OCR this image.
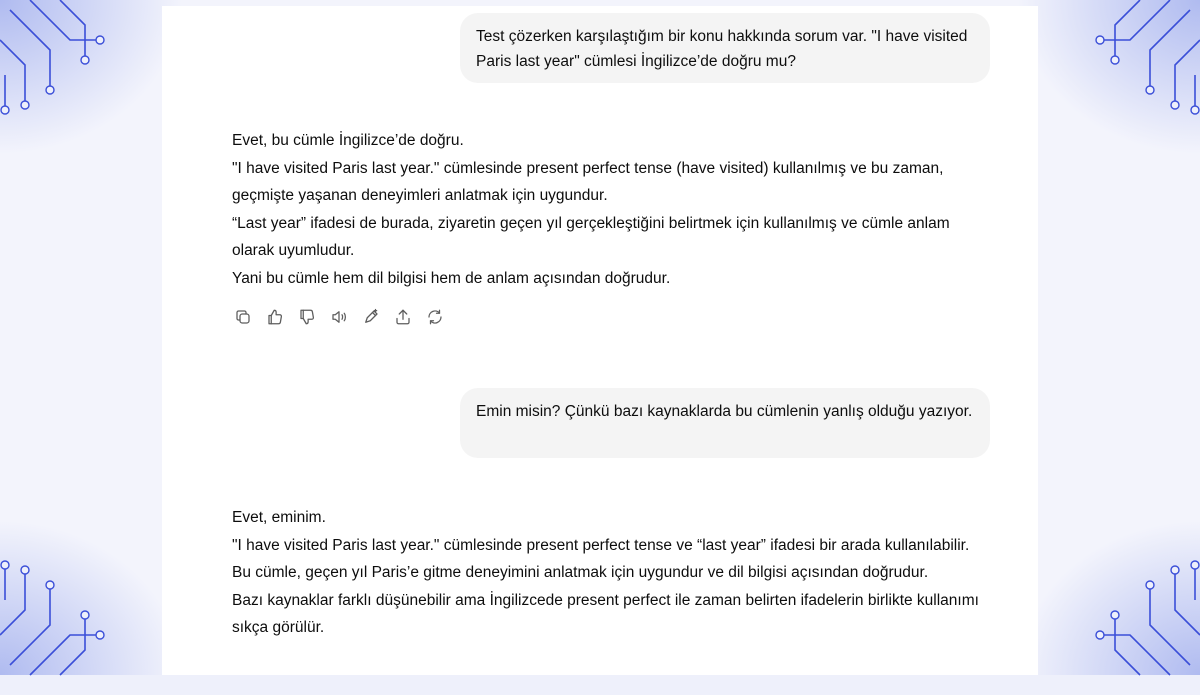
Test çözerken karşılaştığım bir konu hakkında sorum var. "I have visited Paris last year" cümlesi İngilizce’de doğru mu?

Evet, bu cümle İngilizce’de doğru.

"I have visited Paris last year." cümlesinde present perfect tense (have visited) kullanılmış ve bu zaman, geçmişte yaşanan deneyimleri anlatmak için uygundur.

“Last year” ifadesi de burada, ziyaretin geçen yıl gerçekleştiğini belirtmek için kullanılmış ve cümle anlam olarak uyumludur.

Yani bu cümle hem dil bilgisi hem de anlam açısından doğrudur.

Emin misin? Çünkü bazı kaynaklarda bu cümlenin yanlış olduğu yazıyor.

Evet, eminim.

"I have visited Paris last year." cümlesinde present perfect tense ve “last year” ifadesi bir arada kullanılabilir.

Bu cümle, geçen yıl Paris’e gitme deneyimini anlatmak için uygundur ve dil bilgisi açısından doğrudur.

Bazı kaynaklar farklı düşünebilir ama İngilizcede present perfect ile zaman belirten ifadelerin birlikte kullanımı sıkça görülür.
